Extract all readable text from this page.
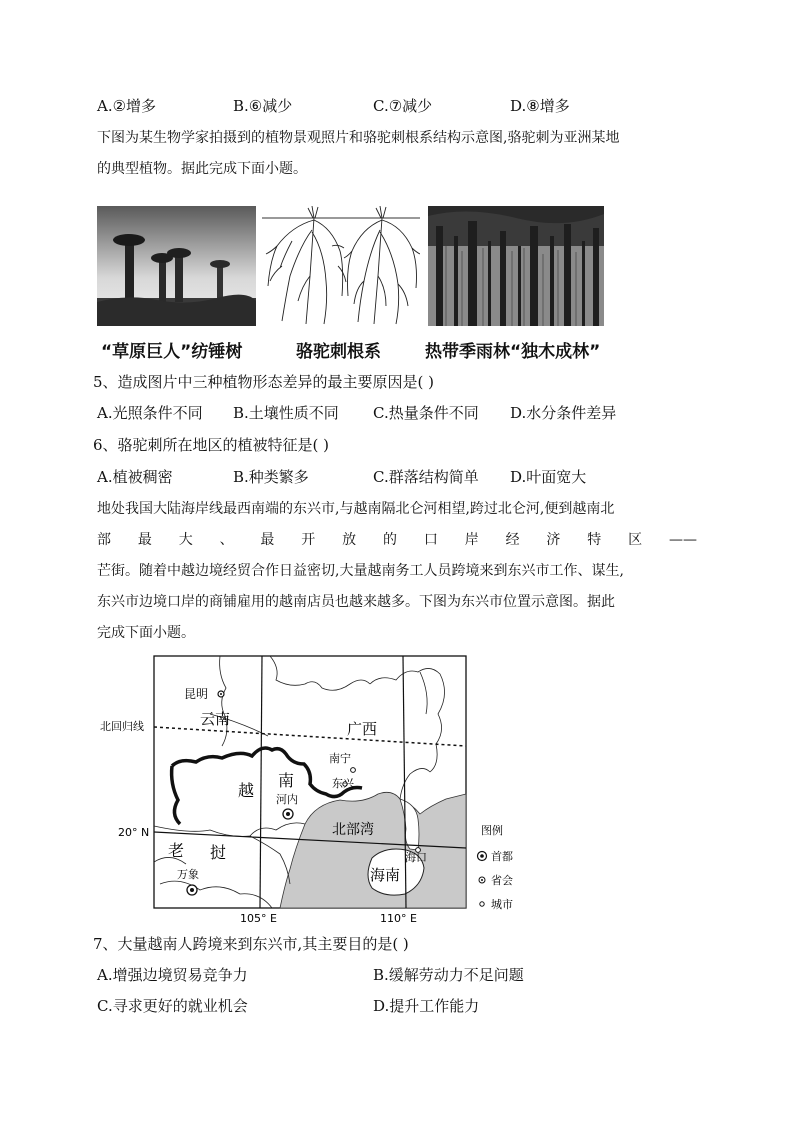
A.②增多	B.⑥减少	C.⑦减少	D.⑧增多
下图为某生物学家拍摄到的植物景观照片和骆驼刺根系结构示意图,骆驼刺为亚洲某地
的典型植物。据此完成下面小题。
“草原巨人”纺锤树	骆驼刺根系	热带季雨林“独木成林”
5、造成图片中三种植物形态差异的最主要原因是( )
A.光照条件不同 B.土壤性质不同 C.热量条件不同 D.水分条件差异
6、骆驼刺所在地区的植被特征是( )
A.植被稠密	B.种类繁多	C.群落结构简单 D.叶面宽大
地处我国大陆海岸线最西南端的东兴市,与越南隔北仑河相望,跨过北仑河,便到越南北
部 最 大 、 最 开 放 的 口 岸 经 济 特 区 ——
芒街。随着中越边境经贸合作日益密切,大量越南务工人员跨境来到东兴市工作、谋生,
东兴市边境口岸的商铺雇用的越南店员也越来越多。下图为东兴市位置示意图。据此
完成下面小题。
北回归线
20° N
105° E	110° E
昆明
云南
广西
南宁
东兴
越
南
河内
北部湾
老 挝
万象
海口
海南
图例
首都
省会
城市
7、大量越南人跨境来到东兴市,其主要目的是( )
A.增强边境贸易竞争力	B.缓解劳动力不足问题
C.寻求更好的就业机会	D.提升工作能力
